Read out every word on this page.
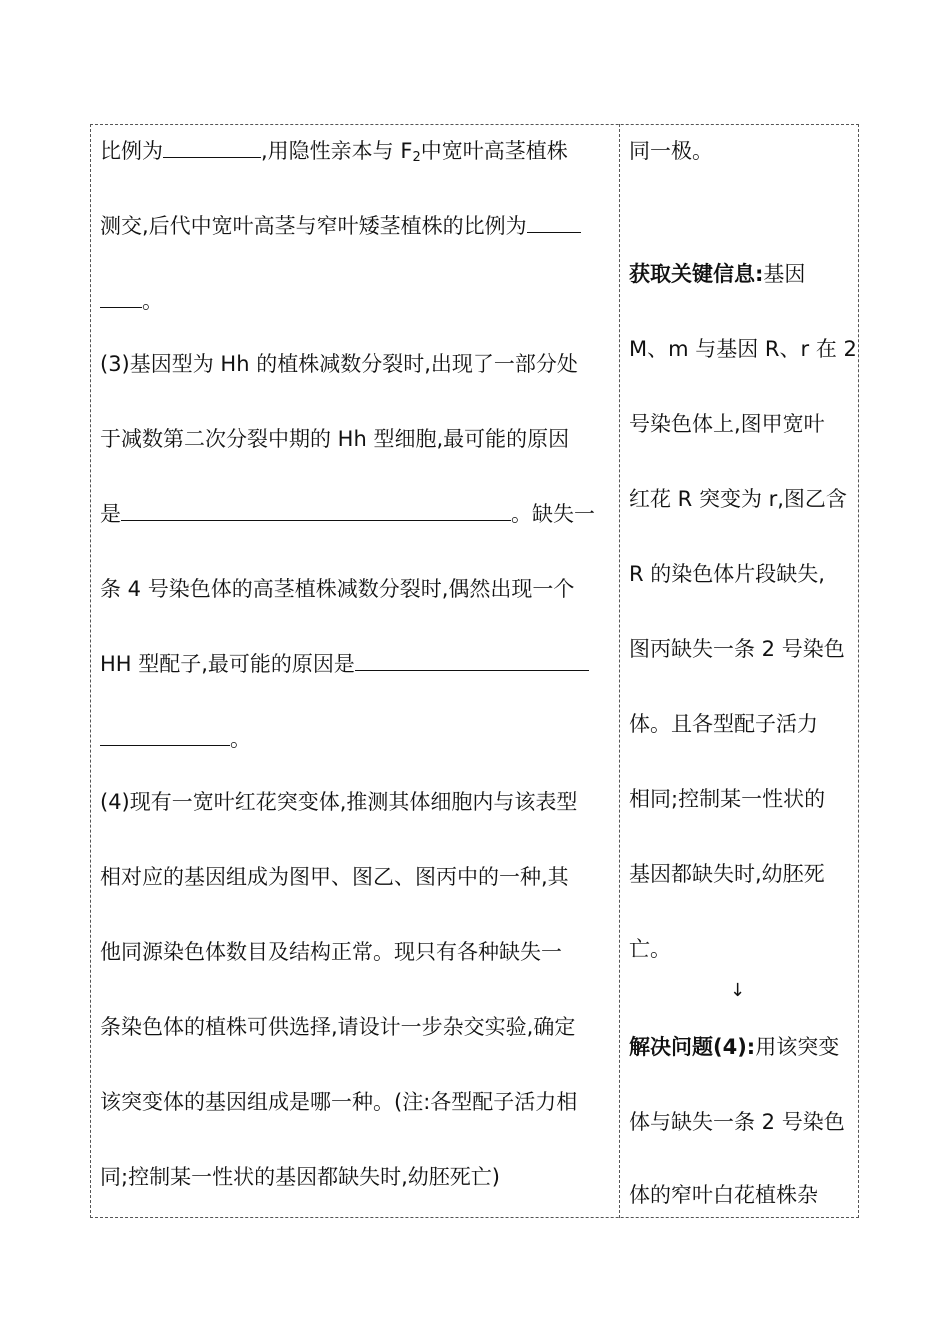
比例为	,用隐性亲本与 $F_2$中宽叶高茎植株
测交,后代中宽叶高茎与窄叶矮茎植株的比例为
。
(3)基因型为 Hh 的植株减数分裂时,出现了一部分处
于减数第二次分裂中期的 Hh 型细胞,最可能的原因
是	。缺失一
条 4 号染色体的高茎植株减数分裂时,偶然出现一个
HH 型配子,最可能的原因是
。
(4)现有一宽叶红花突变体,推测其体细胞内与该表型
相对应的基因组成为图甲、图乙、图丙中的一种,其
他同源染色体数目及结构正常。现只有各种缺失一
条染色体的植株可供选择,请设计一步杂交实验,确定
该突变体的基因组成是哪一种。(注:各型配子活力相
同;控制某一性状的基因都缺失时,幼胚死亡)
同一极。
获取关键信息:基因
M、m 与基因 R、r 在 2
号染色体上,图甲宽叶
红花 R 突变为 r,图乙含
R 的染色体片段缺失,
图丙缺失一条 2 号染色
体。且各型配子活力
相同;控制某一性状的
基因都缺失时,幼胚死
亡。
↓
解决问题(4):用该突变
体与缺失一条 2 号染色
体的窄叶白花植株杂
